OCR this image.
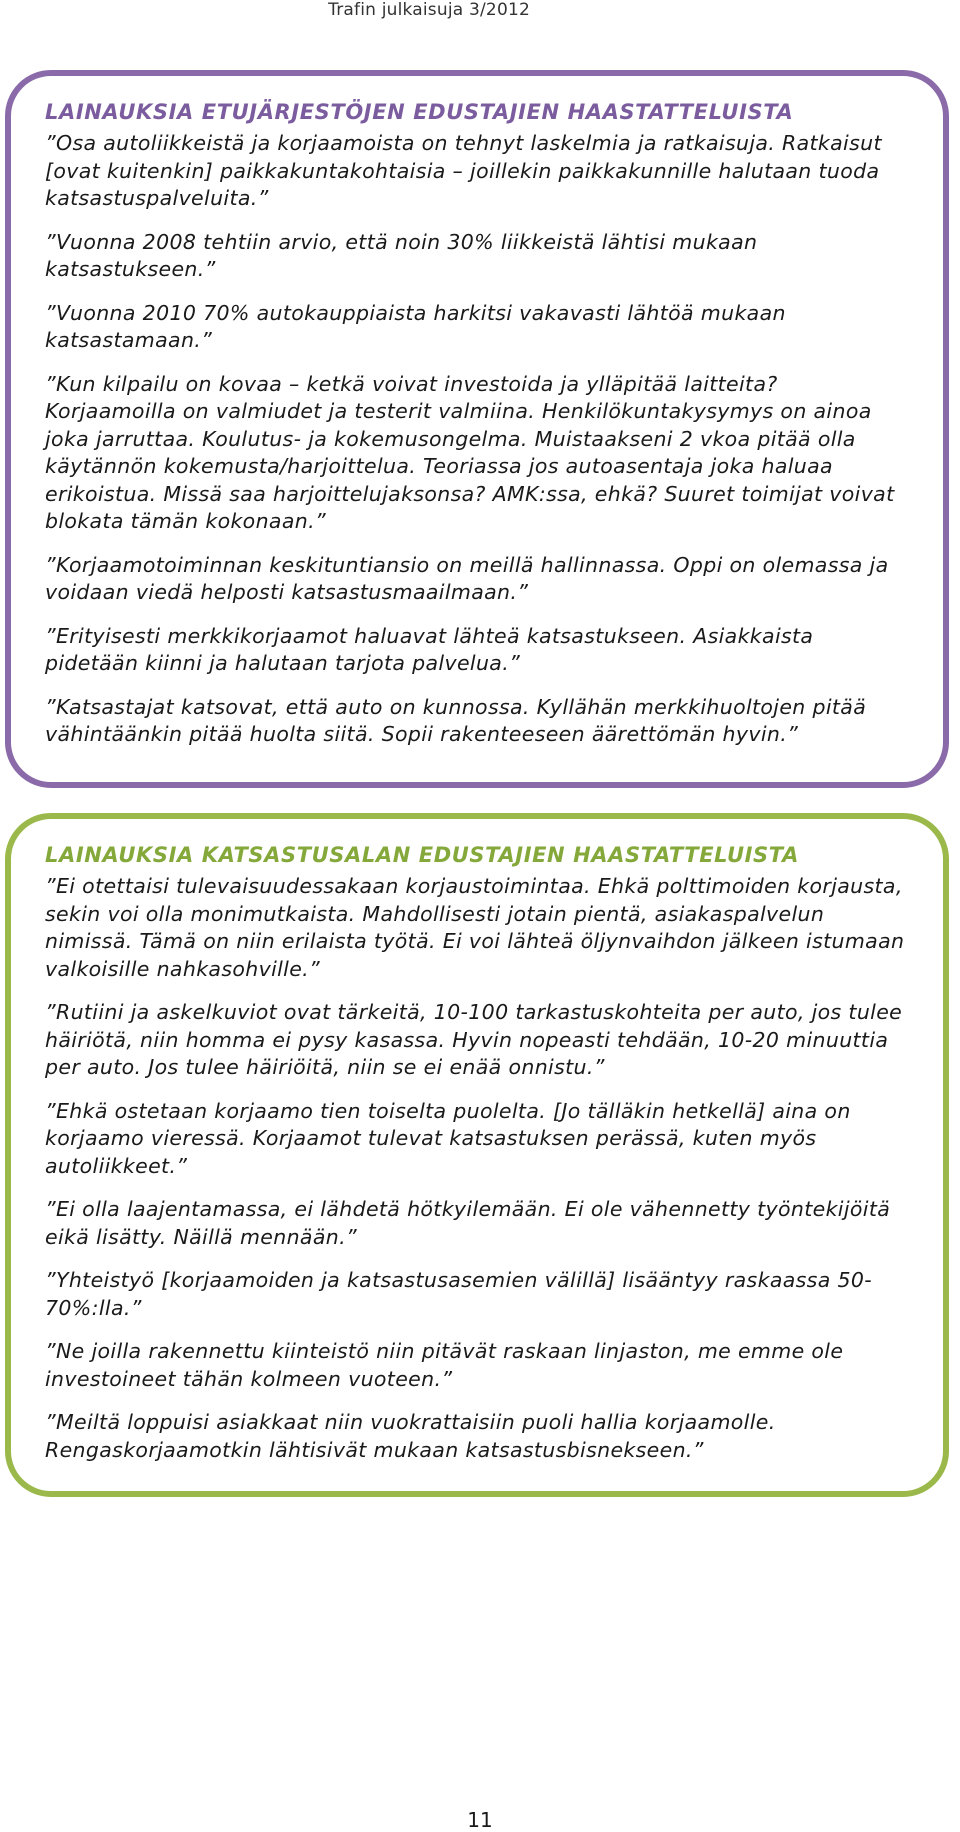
Trafin julkaisuja 3/2012
LAINAUKSIA ETUJÄRJESTÖJEN EDUSTAJIEN HAASTATTELUISTA

”Osa autoliikkeistä ja korjaamoista on tehnyt laskelmia ja ratkaisuja. Ratkaisut [ovat kuitenkin] paikkakuntakohtaisia – joillekin paikkakunnille halutaan tuoda katsastuspalveluita.”

”Vuonna 2008 tehtiin arvio, että noin 30% liikkeistä lähtisi mukaan katsastukseen.”

”Vuonna 2010 70% autokauppiaista harkitsi vakavasti lähtöä mukaan katsastamaan.”

”Kun kilpailu on kovaa – ketkä voivat investoida ja ylläpitää laitteita? Korjaamoilla on valmiudet ja testerit valmiina. Henkilökuntakysymys on ainoa joka jarruttaa. Koulutus- ja kokemusongelma. Muistaakseni 2 vkoa pitää olla käytännön kokemusta/harjoittelua. Teoriassa jos autoasentaja joka haluaa erikoistua. Missä saa harjoittelujaksonsa? AMK:ssa, ehkä? Suuret toimijat voivat blokata tämän kokonaan.”

”Korjaamotoiminnan keskituntiansio on meillä hallinnassa. Oppi on olemassa ja voidaan viedä helposti katsastusmaailmaan.”

”Erityisesti merkkikorjaamot haluavat lähteä katsastukseen. Asiakkaista pidetään kiinni ja halutaan tarjota palvelua.”

”Katsastajat katsovat, että auto on kunnossa. Kyllähän merkkihuoltojen pitää vähintäänkin pitää huolta siitä. Sopii rakenteeseen äärettömän hyvin.”

LAINAUKSIA KATSASTUSALAN EDUSTAJIEN HAASTATTELUISTA

”Ei otettaisi tulevaisuudessakaan korjaustoimintaa. Ehkä polttimoiden korjausta, sekin voi olla monimutkaista. Mahdollisesti jotain pientä, asiakaspalvelun nimissä. Tämä on niin erilaista työtä. Ei voi lähteä öljynvaihdon jälkeen istumaan valkoisille nahkasohville.”

”Rutiini ja askelkuviot ovat tärkeitä, 10-100 tarkastuskohteita per auto, jos tulee häiriötä, niin homma ei pysy kasassa. Hyvin nopeasti tehdään, 10-20 minuuttia per auto. Jos tulee häiriöitä, niin se ei enää onnistu.”

”Ehkä ostetaan korjaamo tien toiselta puolelta. [Jo tälläkin hetkellä] aina on korjaamo vieressä. Korjaamot tulevat katsastuksen perässä, kuten myös autoliikkeet.”

”Ei olla laajentamassa, ei lähdetä hötkyilemään. Ei ole vähennetty työntekijöitä eikä lisätty. Näillä mennään.”

”Yhteistyö [korjaamoiden ja katsastusasemien välillä] lisääntyy raskaassa 50-70%:lla.”

”Ne joilla rakennettu kiinteistö niin pitävät raskaan linjaston, me emme ole investoineet tähän kolmeen vuoteen.”

”Meiltä loppuisi asiakkaat niin vuokrattaisiin puoli hallia korjaamolle. Rengaskorjaamotkin lähtisivät mukaan katsastusbisnekseen.”

11
